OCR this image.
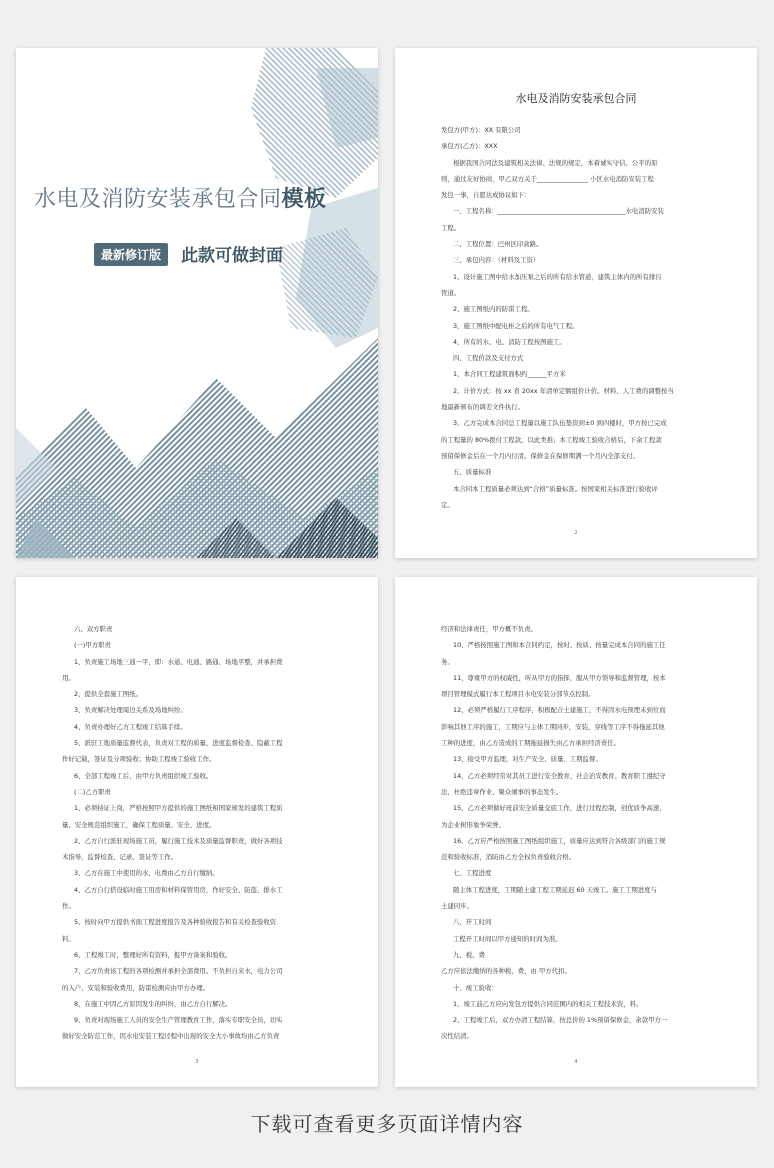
水电及消防安装承包合同模板
最新修订版	此款可做封面
水电及消防安装承包合同

发包方(甲方)：XX 有限公司

承包方(乙方)：XXX

根据我国合同法及建筑相关法律、法规的规定，本着诚实守信、公平的原

则，通过友好协商，甲乙双方关于________________ 小区水电消防安装工程

发包一事，自愿达成协议如下：

一、工程名称：________________________________________水电消防安装

工程。

二、工程位置：巴州区印盒路。

三、承包内容：（材料及工资）

1、设计施工图中给水加压泵之后的所有给水管道，建筑主体内的所有排污

管道。

2、施工图纸内的防雷工程。

3、施工图纸中配电柜之后的所有电气工程。

4、所有的水、电、消防工程按图施工。

四、工程价款及支付方式

1、本合同工程建筑面积约______平方米

2、计价方式：按 xx 省 20xx 年清单定额组价计价。材料、人工费的调整按当

地最新颁布的调差文件执行。

3、乙方完成本合同总工程量以施工队伍垫资到±0 到四楼时，甲方按已完成

的工程量的 80%拨付工程款，以此类推；本工程竣工验收合格后，下余工程款

预留保修金后在一个月内付清。保修金在保修期满一个月内全部支付。

五、质量标准

本合同本工程质量必须达到“合格”质量标准。按国家相关标准进行验收评

定。

2

六、双方职责

(一)甲方职责

1、负责施工场地三通一平，即：水通、电通、路通、场地平整，并承担费

用。

2、提供全套施工图纸。

3、负责解决处理周边关系及场地纠纷。

4、负责办理好乙方工程竣工结算手续。

5、派驻工地质量监督代表，负责对工程的质量、进度监督检查、隐蔽工程

作好记载，签证及分项验收；协助工程竣工验收工作。

6、全部工程竣工后，由甲方负责组织竣工验收。

(二)乙方职责

1、必须持证上岗，严格按照甲方提供的施工图纸和国家颁发的建筑工程质

量、安全规范组织施工，确保工程质量、安全、进度。

2、乙方自行派驻现场施工员，履行施工技术及质量监督职责，做好各项技

术指导，监督检查、记录、签证等工作。

3、乙方在施工中使用的水、电费由乙方自行缴纳。

4、乙方自行搭设临时施工用房和材料保管用房，作好安全、防盗、排水工

作。

5、按时向甲方提供书面工程进度报告及各种验收报告和有关检查验收资

料。

6、工程竣工时，整理好所有资料，报甲方备案和验收。

7、乙方负责该工程的各项检测并承担全部费用。不负担自来水，电力公司

的入户、安装和验收费用，防雷检测应由甲方办理。

8、在施工中因乙方原因发生的纠纷，由乙方自行解决。

9、负责对现场施工人员的安全生产管理教育工作，落实专职安全员，切实

做好安全防范工作，因水电安装工程过程中出现的安全大小事故均由乙方负责

3

经济和法律责任，甲方概不负责。

10、严格按照施工图和本合同约定，按时、按质、按量完成本合同的施工任

务。

11、尊重甲方的权威性，听从甲方的指挥，服从甲方领导和监督管理，按本

项目管理模式履行本工程项目水电安装分部节点控制。

12、必须严格履行工序程序，积极配合土建施工，不得因水电预埋未到位而

影响其他工序的施工，工期应与主体工期同步，安装，穿线等工序不得拖延其他

工种的进度，由乙方造成的工期拖延损失由乙方承担经济责任。

13、接受甲方监理，对生产安全、质量、工期监督。

14、乙方必须经常对其员工进行安全教育、社会治安教育、教育职工遵纪守

法，杜绝违章作业、聚众闹事的事态发生。

15、乙方必须做好班前安全质量交底工作，进行过程控制，创优质争高速，

为企业树形象争荣誉。

16、乙方应严格按照施工图纸组织施工，质量应达到符合各级部门的施工规

范和验收标准，消防由乙方全权负责验收合格。

七、工程进度

随主体工程进度，工期随土建工程工期延迟 60 天竣工。施工工期进度与

土建同步。

八、开工时间

工程开工时间以甲方通知的时间为准。

九、税、费

乙方应依法缴纳的各种税、费，由 甲方代扣。

十、竣工验收：

1、竣工前乙方应向发包方提供合同范围内的相关工程技术资，料。

2、工程竣工后，双方办清工程结算，按总价的 1%预留保修金，余款甲方一

次性结清。

4
下载可查看更多页面详情内容
